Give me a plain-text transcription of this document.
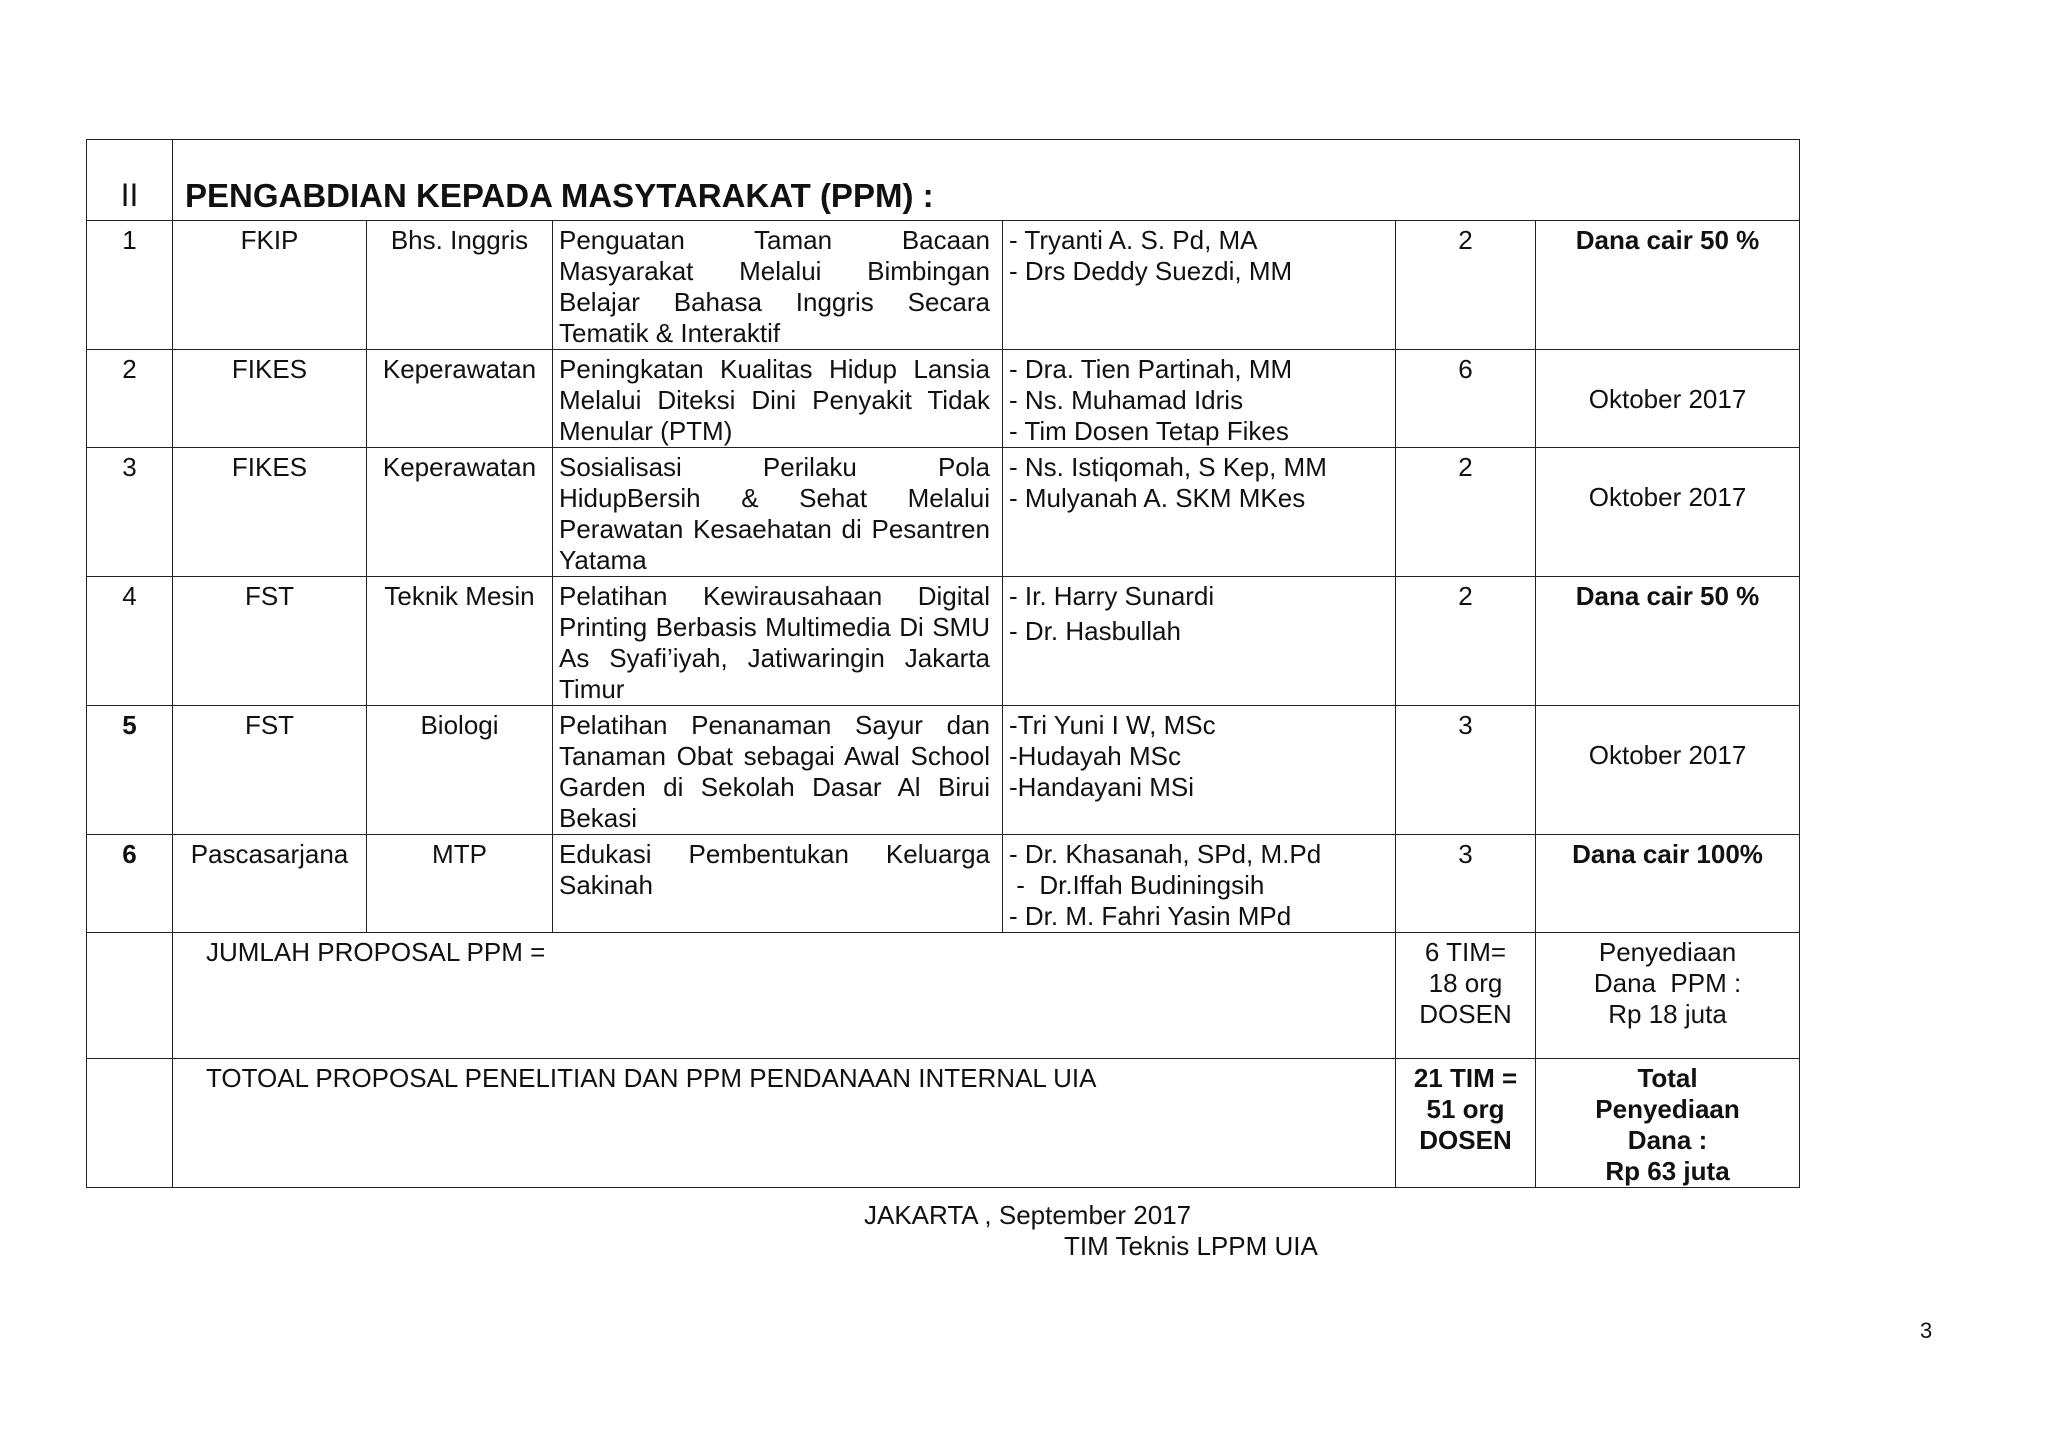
II	PENGABDIAN KEPADA MASYTARAKAT (PPM) :					
1	FKIP	Bhs. Inggris	Penguatan Taman Bacaan Masyarakat Melalui Bimbingan Belajar Bahasa Inggris Secara Tematik & Interaktif	- Tryanti A. S. Pd, MA
- Drs Deddy Suezdi, MM	2	Dana cair 50 %
2	FIKES	Keperawatan	Peningkatan Kualitas Hidup Lansia Melalui Diteksi Dini Penyakit Tidak Menular (PTM)	- Dra. Tien Partinah, MM
- Ns. Muhamad Idris
- Tim Dosen Tetap Fikes	6	Oktober 2017
3	FIKES	Keperawatan	Sosialisasi Perilaku Pola HidupBersih & Sehat Melalui Perawatan Kesaehatan di Pesantren Yatama	- Ns. Istiqomah, S Kep, MM
- Mulyanah A. SKM MKes	2	Oktober 2017
4	FST	Teknik Mesin	Pelatihan Kewirausahaan Digital Printing Berbasis Multimedia Di SMU As Syafi’iyah, Jatiwaringin Jakarta Timur	- Ir. Harry Sunardi
- Dr. Hasbullah	2	Dana cair 50 %
5	FST	Biologi	Pelatihan Penanaman Sayur dan Tanaman Obat sebagai Awal School Garden di Sekolah Dasar Al Birui Bekasi	-Tri Yuni I W, MSc
-Hudayah MSc
-Handayani MSi	3	Oktober 2017
6	Pascasarjana	MTP	Edukasi Pembentukan Keluarga Sakinah	- Dr. Khasanah, SPd, M.Pd
-  Dr.Iffah Budiningsih
- Dr. M. Fahri Yasin MPd	3	Dana cair 100%
	JUMLAH PROPOSAL PPM =				6 TIM=
18 org
DOSEN	Penyediaan
Dana  PPM :
Rp 18 juta

	TOTOAL PROPOSAL PENELITIAN DAN PPM PENDANAAN INTERNAL UIA				21 TIM =
51 org
DOSEN	Total
Penyediaan
Dana :
Rp 63 juta
JAKARTA , September 2017
TIM Teknis LPPM UIA
3
